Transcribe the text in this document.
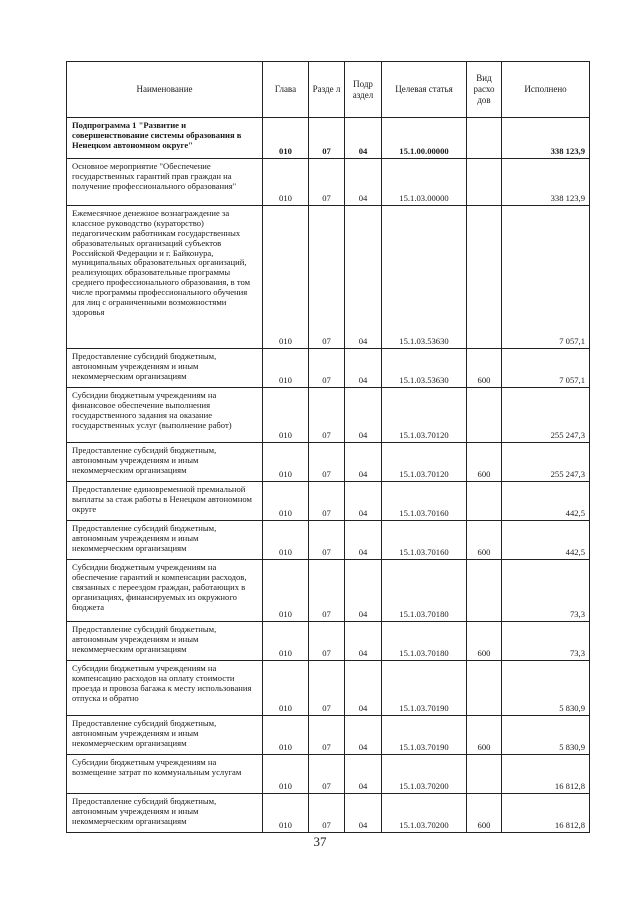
Наименование	Глава	Разде л	Подр аздел	Целевая статья	Вид расхо дов	Исполнено
Подпрограмма 1 "Развитие и совершенствование системы образования в Ненецком автономном округе"	010	07	04	15.1.00.00000		338 123,9
Основное мероприятие "Обеспечение государственных гарантий прав граждан на получение профессионального образования"	010	07	04	15.1.03.00000		338 123,9
Ежемесячное денежное вознаграждение за классное руководство (кураторство) педагогическим работникам государственных образовательных организаций субъектов Российской Федерации и г. Байконура, муниципальных образовательных организаций, реализующих образовательные программы среднего профессионального образования, в том числе программы профессионального обучения для лиц с ограниченными возможностями здоровья	010	07	04	15.1.03.53630		7 057,1
Предоставление субсидий бюджетным, автономным учреждениям и иным некоммерческим организациям	010	07	04	15.1.03.53630	600	7 057,1
Субсидии бюджетным учреждениям на финансовое обеспечение выполнения государственного задания на оказание государственных услуг (выполнение работ)	010	07	04	15.1.03.70120		255 247,3
Предоставление субсидий бюджетным, автономным учреждениям и иным некоммерческим организациям	010	07	04	15.1.03.70120	600	255 247,3
Предоставление единовременной премиальной выплаты за стаж работы в Ненецком автономном округе	010	07	04	15.1.03.70160		442,5
Предоставление субсидий бюджетным, автономным учреждениям и иным некоммерческим организациям	010	07	04	15.1.03.70160	600	442,5
Субсидии бюджетным учреждениям на обеспечение гарантий и компенсации расходов, связанных с переездом граждан, работающих в организациях, финансируемых из окружного бюджета	010	07	04	15.1.03.70180		73,3
Предоставление субсидий бюджетным, автономным учреждениям и иным некоммерческим организациям	010	07	04	15.1.03.70180	600	73,3
Субсидии бюджетным учреждениям на компенсацию расходов на оплату стоимости проезда и провоза багажа к месту использования отпуска и обратно	010	07	04	15.1.03.70190		5 830,9
Предоставление субсидий бюджетным, автономным учреждениям и иным некоммерческим организациям	010	07	04	15.1.03.70190	600	5 830,9
Субсидии бюджетным учреждениям на возмещение затрат по коммунальным услугам	010	07	04	15.1.03.70200		16 812,8
Предоставление субсидий бюджетным, автономным учреждениям и иным некоммерческим организациям	010	07	04	15.1.03.70200	600	16 812,8
37
